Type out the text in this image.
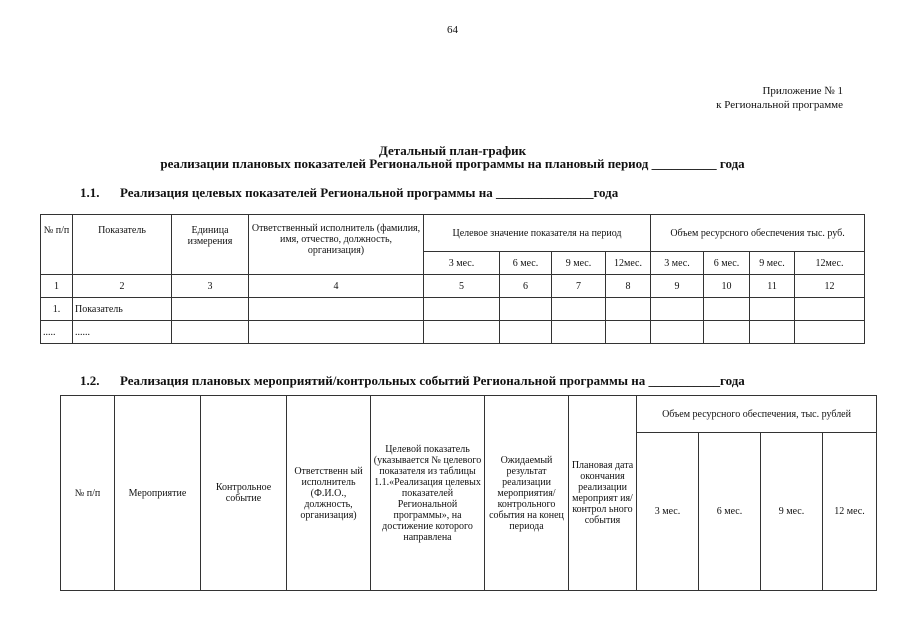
64
Приложение № 1
к Региональной программе
Детальный план-график
реализации плановых показателей Региональной программы на плановый период __________ года
1.1. Реализация целевых показателей Региональной программы на _______________года
№ п/п	Показатель	Единица измерения	Ответственный исполнитель (фамилия, имя, отчество, должность, организация)	Целевое значение показателя на период				Объем ресурсного обеспечения тыс. руб.			
				3 мес.	6 мес.	9 мес.	12мес.	3 мес.	6 мес.	9 мес.	12мес.
1	2	3	4	5	6	7	8	9	10	11	12
1.	Показатель										
.....	......										
1.2. Реализация плановых мероприятий/контрольных событий Региональной программы на ___________года
№ п/п	Мероприятие	Контрольное событие	Ответственн ый исполнитель (Ф.И.О., должность, организация)	Целевой показатель (указывается № целевого показателя из таблицы 1.1.«Реализация целевых показателей Региональной программы», на достижение которого направлена	Ожидаемый результат реализации мероприятия/ контрольного события на конец периода	Плановая дата окончания реализации мероприят ия/контрол ьного события	Объем ресурсного обеспечения, тыс. рублей			
							3 мес.	6 мес.	9 мес.	12 мес.
